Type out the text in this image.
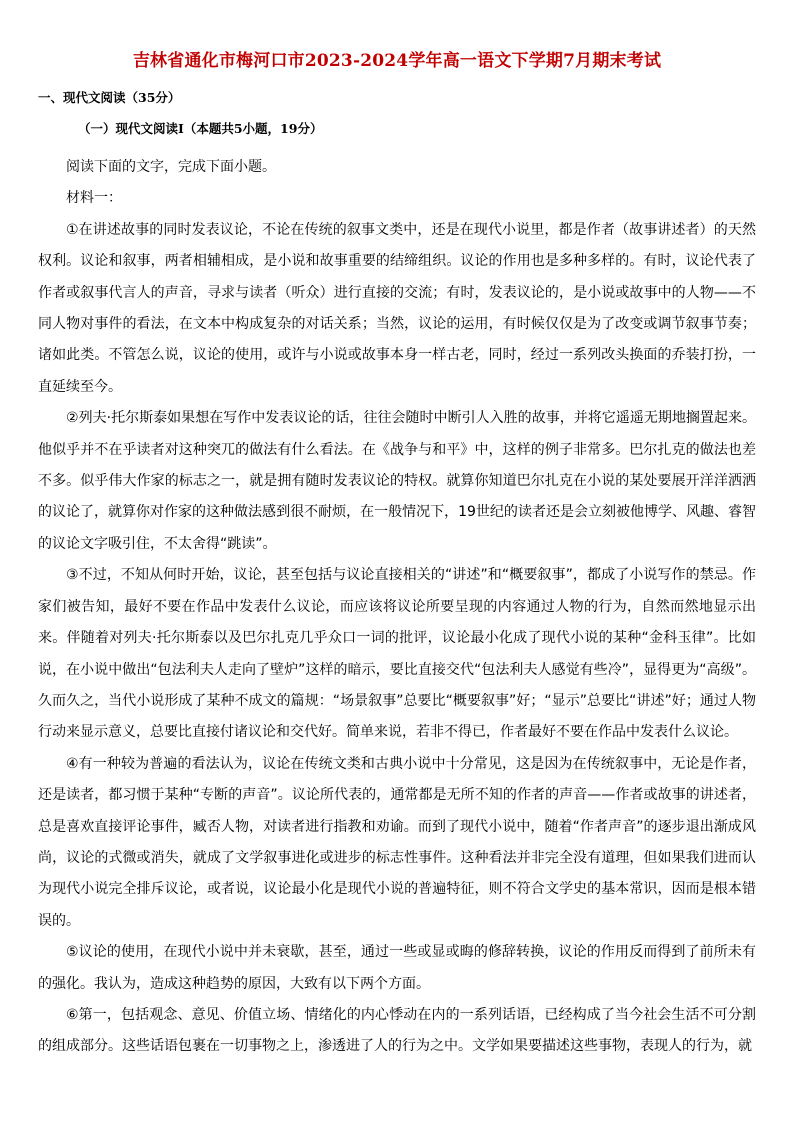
吉林省通化市梅河口市2023-2024学年高一语文下学期7月期末考试
一、现代文阅读（35分）
（一）现代文阅读Ⅰ（本题共5小题，19分）

阅读下面的文字，完成下面小题。

材料一：

①在讲述故事的同时发表议论，不论在传统的叙事文类中，还是在现代小说里，都是作者（故事讲述者）的天然权利。议论和叙事，两者相辅相成，是小说和故事重要的结缔组织。议论的作用也是多种多样的。有时，议论代表了作者或叙事代言人的声音，寻求与读者（听众）进行直接的交流；有时，发表议论的，是小说或故事中的人物——不同人物对事件的看法，在文本中构成复杂的对话关系；当然，议论的运用，有时候仅仅是为了改变或调节叙事节奏；诸如此类。不管怎么说，议论的使用，或许与小说或故事本身一样古老，同时，经过一系列改头换面的乔装打扮，一直延续至今。

②列夫·托尔斯泰如果想在写作中发表议论的话，往往会随时中断引人入胜的故事，并将它遥遥无期地搁置起来。他似乎并不在乎读者对这种突兀的做法有什么看法。在《战争与和平》中，这样的例子非常多。巴尔扎克的做法也差不多。似乎伟大作家的标志之一，就是拥有随时发表议论的特权。就算你知道巴尔扎克在小说的某处要展开洋洋洒洒的议论了，就算你对作家的这种做法感到很不耐烦，在一般情况下，19世纪的读者还是会立刻被他博学、风趣、睿智的议论文字吸引住，不太舍得“跳读”。

③不过，不知从何时开始，议论，甚至包括与议论直接相关的“讲述”和“概要叙事”，都成了小说写作的禁忌。作家们被告知，最好不要在作品中发表什么议论，而应该将议论所要呈现的内容通过人物的行为，自然而然地显示出来。伴随着对列夫·托尔斯泰以及巴尔扎克几乎众口一词的批评，议论最小化成了现代小说的某种“金科玉律”。比如说，在小说中做出“包法利夫人走向了壁炉”这样的暗示，要比直接交代“包法利夫人感觉有些冷”，显得更为“高级”。久而久之，当代小说形成了某种不成文的篇规：“场景叙事”总要比“概要叙事”好；“显示”总要比“讲述”好；通过人物行动来显示意义，总要比直接付诸议论和交代好。简单来说，若非不得已，作者最好不要在作品中发表什么议论。

④有一种较为普遍的看法认为，议论在传统文类和古典小说中十分常见，这是因为在传统叙事中，无论是作者，还是读者，都习惯于某种“专断的声音”。议论所代表的，通常都是无所不知的作者的声音——作者或故事的讲述者，总是喜欢直接评论事件，臧否人物，对读者进行指教和劝谕。而到了现代小说中，随着“作者声音”的逐步退出渐成风尚，议论的式微或消失，就成了文学叙事进化或进步的标志性事件。这种看法并非完全没有道理，但如果我们进而认为现代小说完全排斥议论，或者说，议论最小化是现代小说的普遍特征，则不符合文学史的基本常识，因而是根本错误的。

⑤议论的使用，在现代小说中并未衰歇，甚至，通过一些或显或晦的修辞转换，议论的作用反而得到了前所未有的强化。我认为，造成这种趋势的原因，大致有以下两个方面。

⑥第一，包括观念、意见、价值立场、情绪化的内心悸动在内的一系列话语，已经构成了当今社会生活不可分割的组成部分。这些话语包裹在一切事物之上，渗透进了人的行为之中。文学如果要描述这些事物，表现人的行为，就
